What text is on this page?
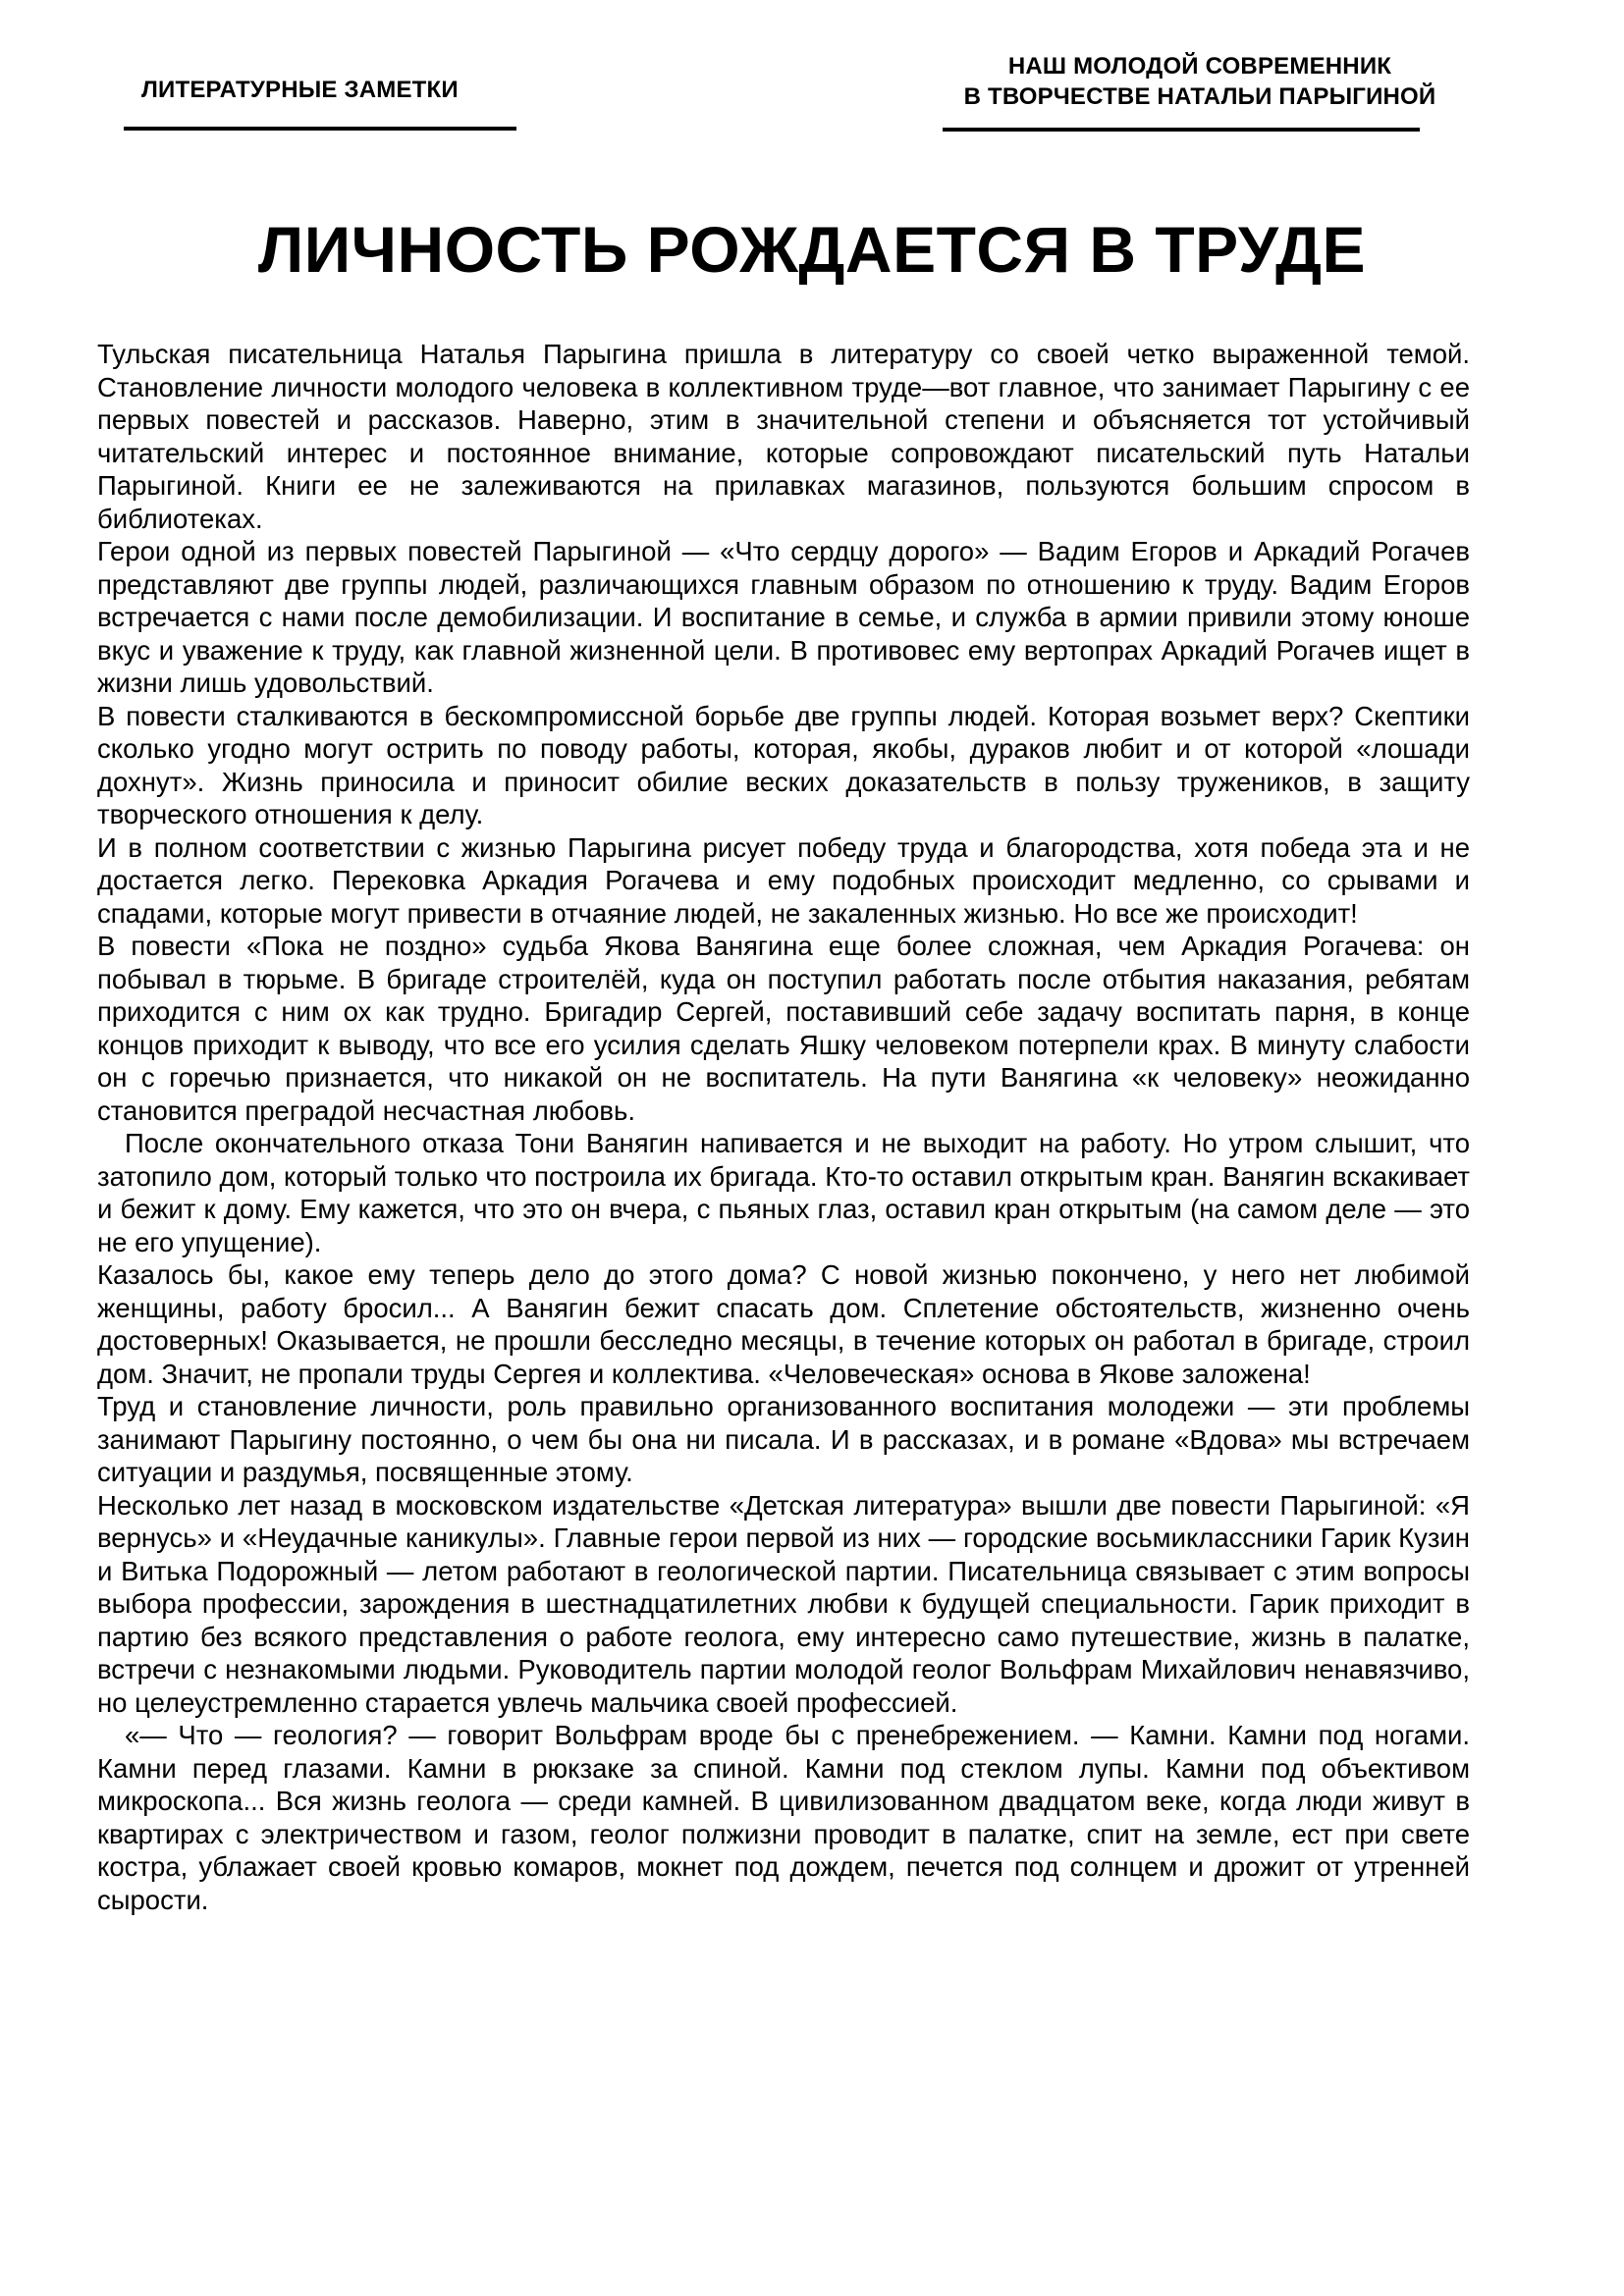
ЛИТЕРАТУРНЫЕ ЗАМЕТКИ
НАШ МОЛОДОЙ СОВРЕМЕННИК
В ТВОРЧЕСТВЕ НАТАЛЬИ ПАРЫГИНОЙ
ЛИЧНОСТЬ РОЖДАЕТСЯ В ТРУДЕ

Тульская писательница Наталья Парыгина пришла в литературу со своей четко выраженной темой. Становление личности молодого человека в коллективном труде—вот главное, что занимает Парыгину с ее первых повестей и рассказов. Наверно, этим в значительной степени и объясняется тот устойчивый читательский интерес и постоянное внимание, которые сопровождают писательский путь Натальи Парыгиной. Книги ее не залеживаются на прилавках магазинов, пользуются большим спросом в библиотеках.

Герои одной из первых повестей Парыгиной — «Что сердцу дорого» — Вадим Егоров и Аркадий Рогачев представляют две группы людей, различающихся главным образом по отношению к труду. Вадим Егоров встречается с нами после демобилизации. И воспитание в семье, и служба в армии привили этому юноше вкус и уважение к труду, как главной жизненной цели. В противовес ему вертопрах Аркадий Рогачев ищет в жизни лишь удовольствий.

В повести сталкиваются в бескомпромиссной борьбе две группы людей. Которая возьмет верх? Скептики сколько угодно могут острить по поводу работы, которая, якобы, дураков любит и от которой «лошади дохнут». Жизнь приносила и приносит обилие веских доказательств в пользу тружеников, в защиту творческого отношения к делу.

И в полном соответствии с жизнью Парыгина рисует победу труда и благородства, хотя победа эта и не достается легко. Перековка Аркадия Рогачева и ему подобных происходит медленно, со срывами и спадами, которые могут привести в отчаяние людей, не закаленных жизнью. Но все же происходит!

В повести «Пока не поздно» судьба Якова Ванягина еще более сложная, чем Аркадия Рогачева: он побывал в тюрьме. В бригаде строителёй, куда он поступил работать после отбытия наказания, ребятам приходится с ним ох как трудно. Бригадир Сергей, поставивший себе задачу воспитать парня, в конце концов приходит к выводу, что все его усилия сделать Яшку человеком потерпели крах. В минуту слабости он с горечью признается, что никакой он не воспитатель. На пути Ванягина «к человеку» неожиданно становится преградой несчастная любовь.

После окончательного отказа Тони Ванягин напивается и не выходит на работу. Но утром слышит, что затопило дом, который только что построила их бригада. Кто-то оставил открытым кран. Ванягин вскакивает и бежит к дому. Ему кажется, что это он вчера, с пьяных глаз, оставил кран открытым (на самом деле — это не его упущение).

Казалось бы, какое ему теперь дело до этого дома? С новой жизнью покончено, у него нет любимой женщины, работу бросил... А Ванягин бежит спасать дом. Сплетение обстоятельств, жизненно очень достоверных! Оказывается, не прошли бесследно месяцы, в течение которых он работал в бригаде, строил дом. Значит, не пропали труды Сергея и коллектива. «Человеческая» основа в Якове заложена!

Труд и становление личности, роль правильно организованного воспитания молодежи — эти проблемы занимают Парыгину постоянно, о чем бы она ни писала. И в рассказах, и в романе «Вдова» мы встречаем ситуации и раздумья, посвященные этому.

Несколько лет назад в московском издательстве «Детская литература» вышли две повести Парыгиной: «Я вернусь» и «Неудачные каникулы». Главные герои первой из них — городские восьмиклассники Гарик Кузин и Витька Подорожный — летом работают в геологической партии. Писательница связывает с этим вопросы выбора профессии, зарождения в шестнадцатилетних любви к будущей специальности. Гарик приходит в партию без всякого представления о работе геолога, ему интересно само путешествие, жизнь в палатке, встречи с незнакомыми людьми. Руководитель партии молодой геолог Вольфрам Михайлович ненавязчиво, но целеустремленно старается увлечь мальчика своей профессией.

«— Что — геология? — говорит Вольфрам вроде бы с пренебрежением. — Камни. Камни под ногами. Камни перед глазами. Камни в рюкзаке за спиной. Камни под стеклом лупы. Камни под объективом микроскопа... Вся жизнь геолога — среди камней. В цивилизованном двадцатом веке, когда люди живут в квартирах с электричеством и газом, геолог полжизни проводит в палатке, спит на земле, ест при свете костра, ублажает своей кровью комаров, мокнет под дождем, печется под солнцем и дрожит от утренней сырости.
